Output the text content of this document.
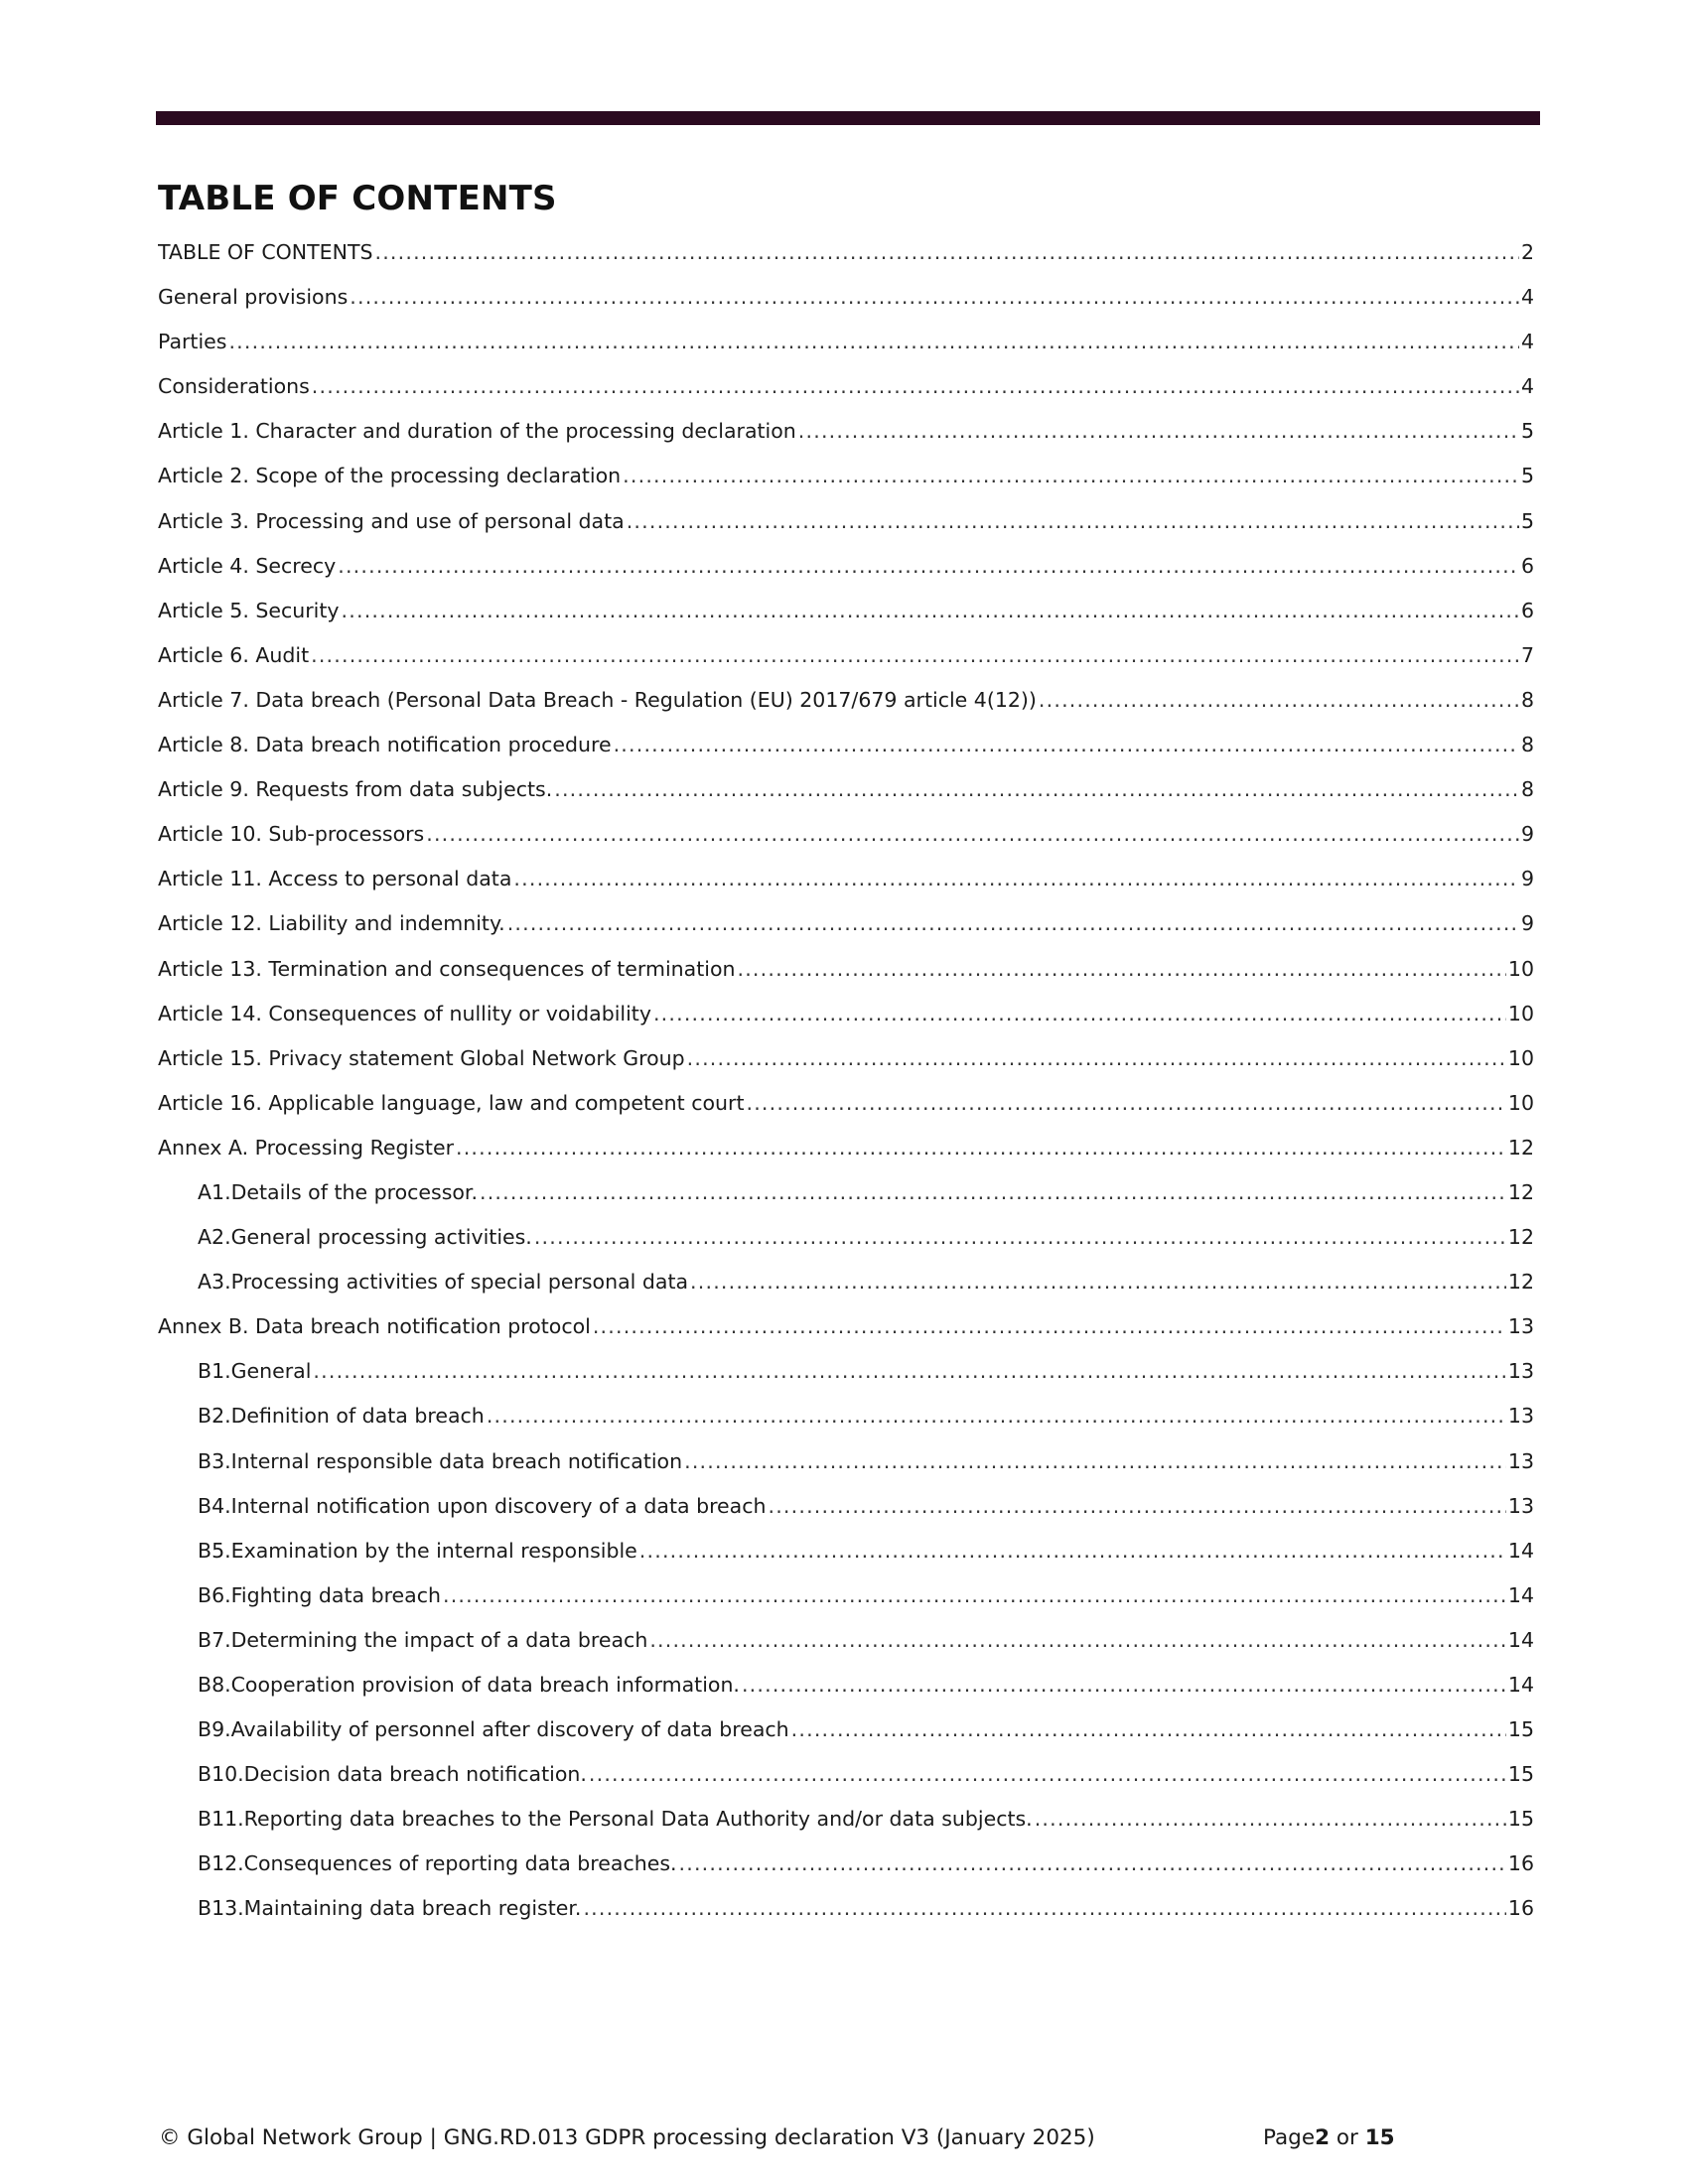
TABLE OF CONTENTS
TABLE OF CONTENTS .....	2
General provisions .....	4
Parties .....	4
Considerations .....	4
Article 1. Character and duration of the processing declaration .....	5
Article 2. Scope of the processing declaration .....	5
Article 3. Processing and use of personal data .....	5
Article 4. Secrecy .....	6
Article 5. Security .....	6
Article 6. Audit .....	7
Article 7. Data breach (Personal Data Breach - Regulation (EU) 2017/679 article 4(12)) .....	8
Article 8. Data breach notification procedure .....	8
Article 9. Requests from data subjects. .....	8
Article 10. Sub-processors .....	9
Article 11. Access to personal data .....	9
Article 12. Liability and indemnity. .....	9
Article 13. Termination and consequences of termination .....	10
Article 14. Consequences of nullity or voidability .....	10
Article 15. Privacy statement Global Network Group .....	10
Article 16. Applicable language, law and competent court .....	10
Annex A. Processing Register .....	12
A1.Details of the processor. .....	12
A2.General processing activities. .....	12
A3.Processing activities of special personal data .....	12
Annex B. Data breach notification protocol .....	13
B1.General .....	13
B2.Definition of data breach .....	13
B3.Internal responsible data breach notification .....	13
B4.Internal notification upon discovery of a data breach .....	13
B5.Examination by the internal responsible .....	14
B6.Fighting data breach .....	14
B7.Determining the impact of a data breach .....	14
B8.Cooperation provision of data breach information. .....	14
B9.Availability of personnel after discovery of data breach .....	15
B10.Decision data breach notification. .....	15
B11.Reporting data breaches to the Personal Data Authority and/or data subjects. .....	15
B12.Consequences of reporting data breaches. .....	16
B13.Maintaining data breach register. .....	16
© Global Network Group | GNG.RD.013 GDPR processing declaration V3 (January 2025)	Page2 or 15
